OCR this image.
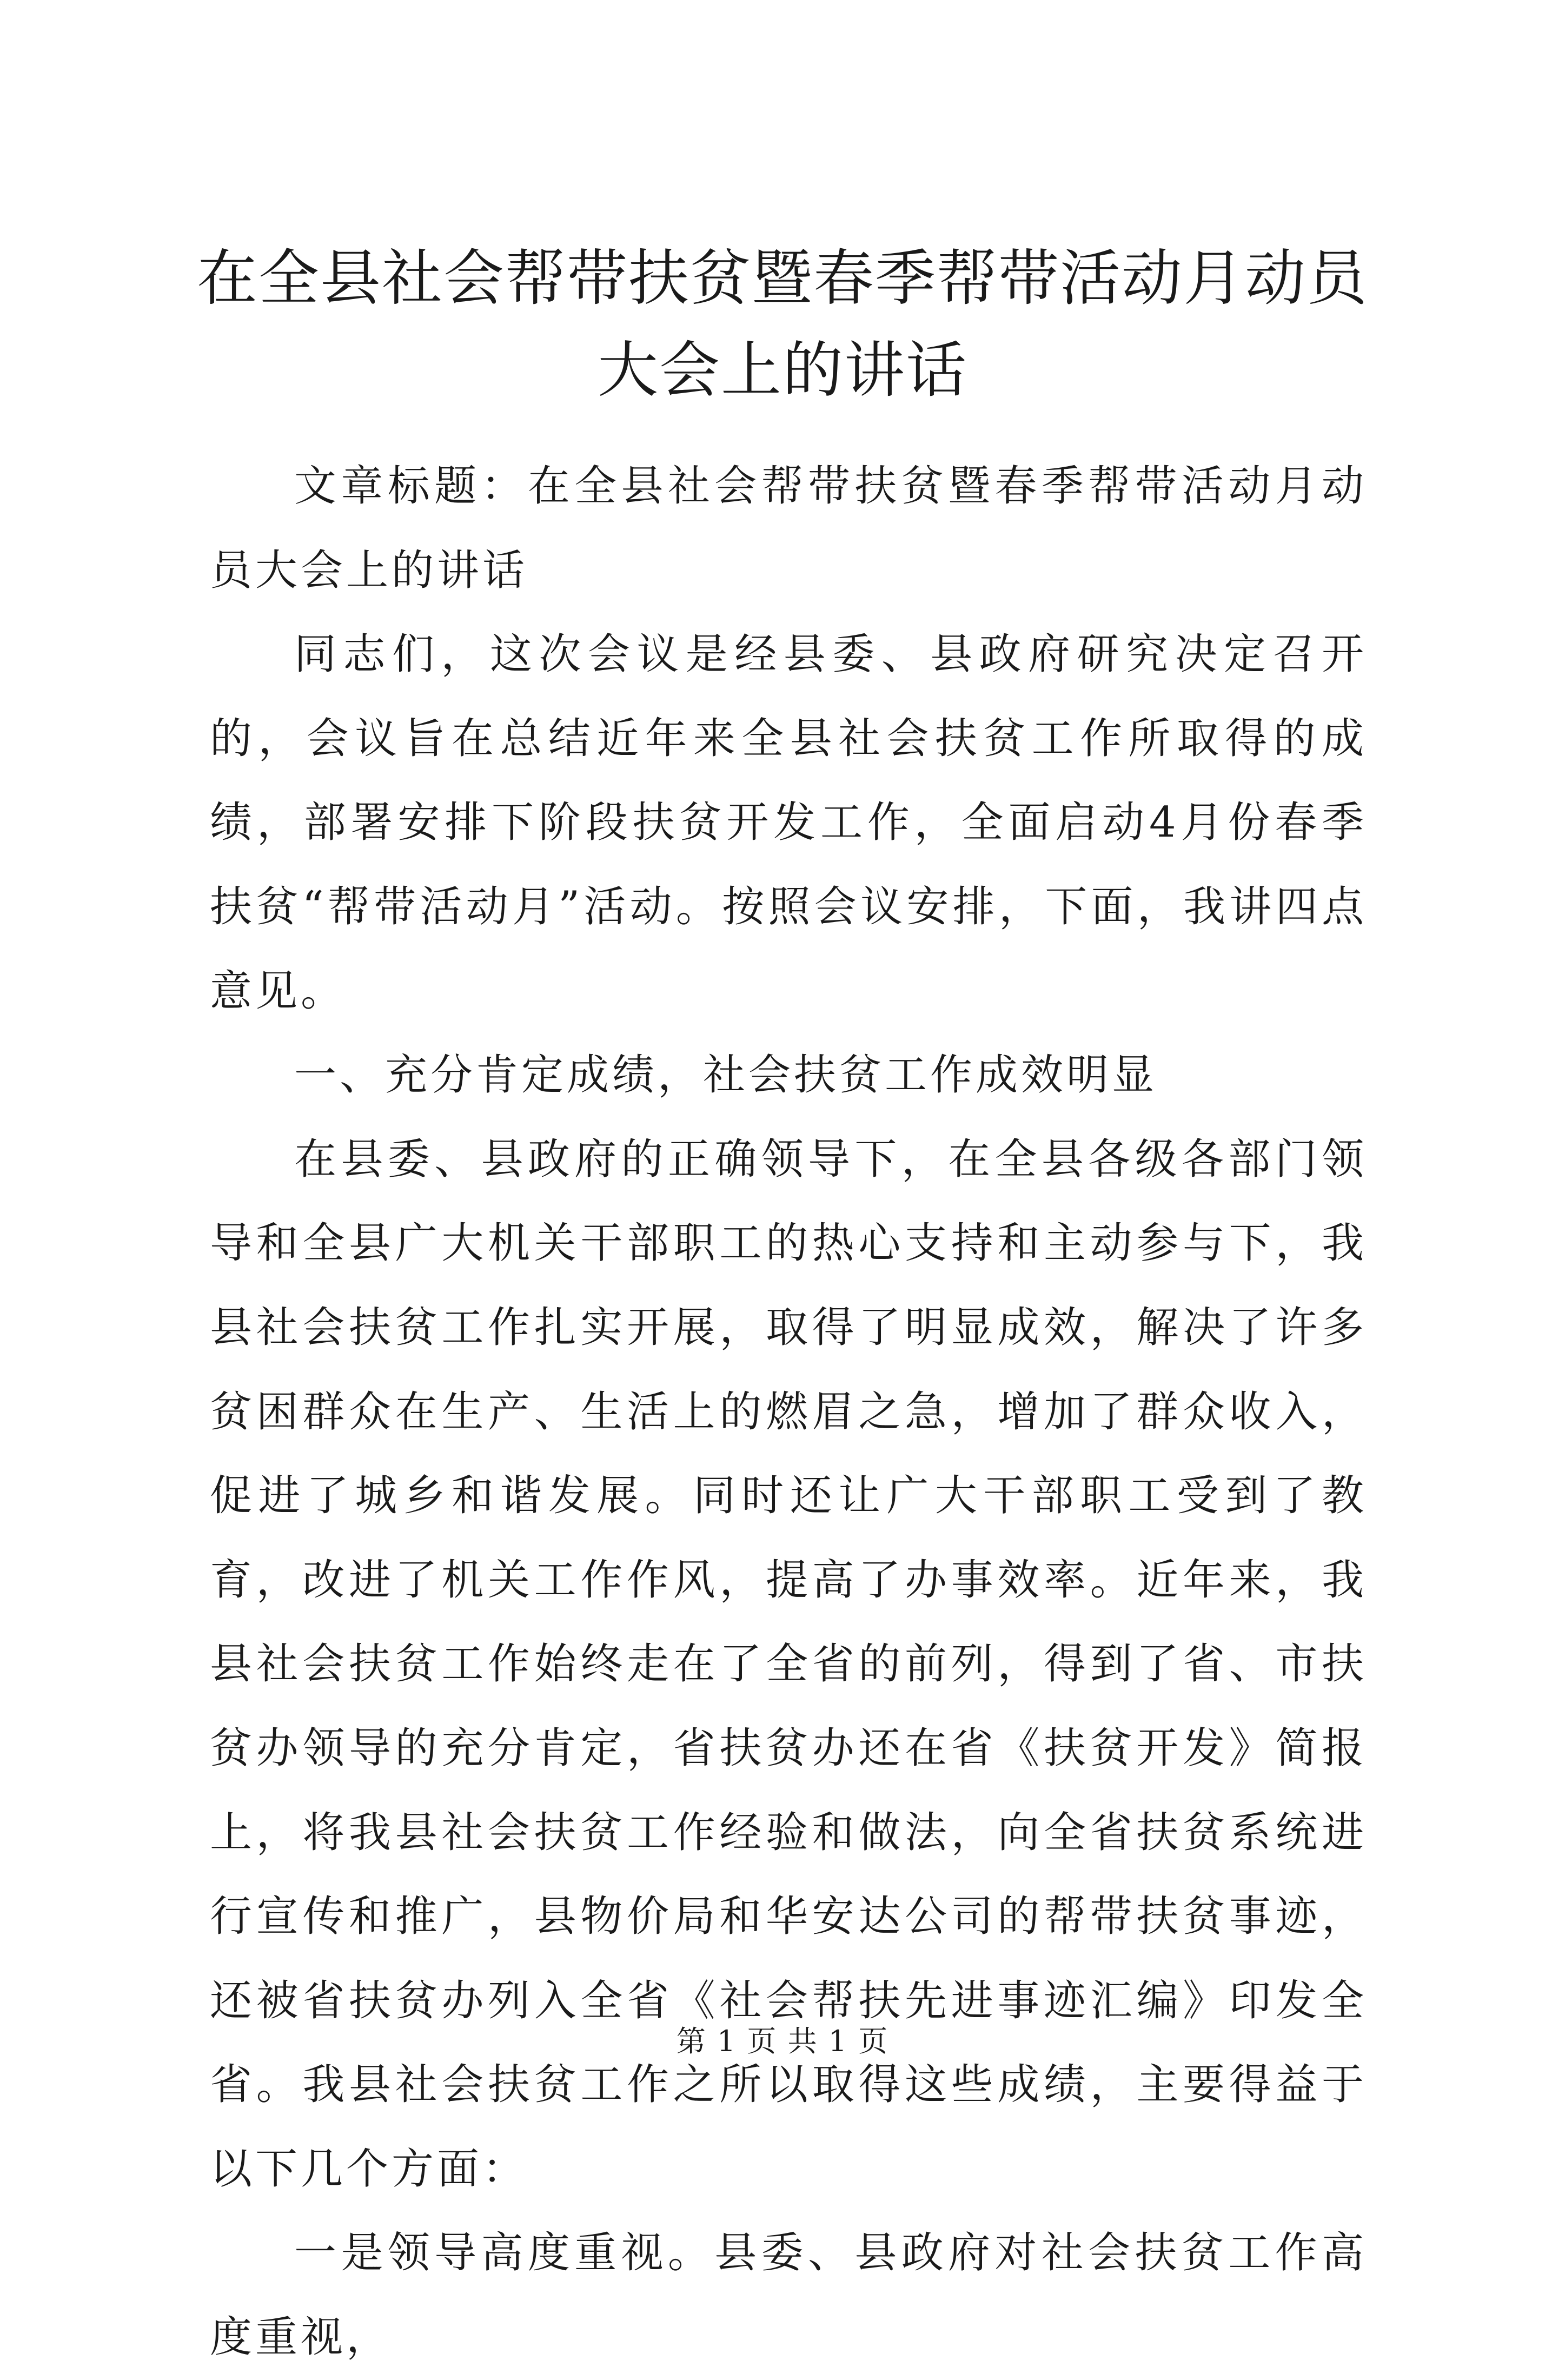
在全县社会帮带扶贫暨春季帮带活动月动员大会上的讲话

文章标题：在全县社会帮带扶贫暨春季帮带活动月动员大会上的讲话

同志们，这次会议是经县委、县政府研究决定召开的，会议旨在总结近年来全县社会扶贫工作所取得的成绩，部署安排下阶段扶贫开发工作，全面启动4月份春季扶贫“帮带活动月”活动。按照会议安排，下面，我讲四点意见。

一、充分肯定成绩，社会扶贫工作成效明显

在县委、县政府的正确领导下，在全县各级各部门领导和全县广大机关干部职工的热心支持和主动参与下，我县社会扶贫工作扎实开展，取得了明显成效，解决了许多贫困群众在生产、生活上的燃眉之急，增加了群众收入，促进了城乡和谐发展。同时还让广大干部职工受到了教育，改进了机关工作作风，提高了办事效率。近年来，我县社会扶贫工作始终走在了全省的前列，得到了省、市扶贫办领导的充分肯定，省扶贫办还在省《扶贫开发》简报上，将我县社会扶贫工作经验和做法，向全省扶贫系统进行宣传和推广，县物价局和华安达公司的帮带扶贫事迹，还被省扶贫办列入全省《社会帮扶先进事迹汇编》印发全省。我县社会扶贫工作之所以取得这些成绩，主要得益于以下几个方面：

一是领导高度重视。县委、县政府对社会扶贫工作高度重视，

第 1 页 共 1 页
